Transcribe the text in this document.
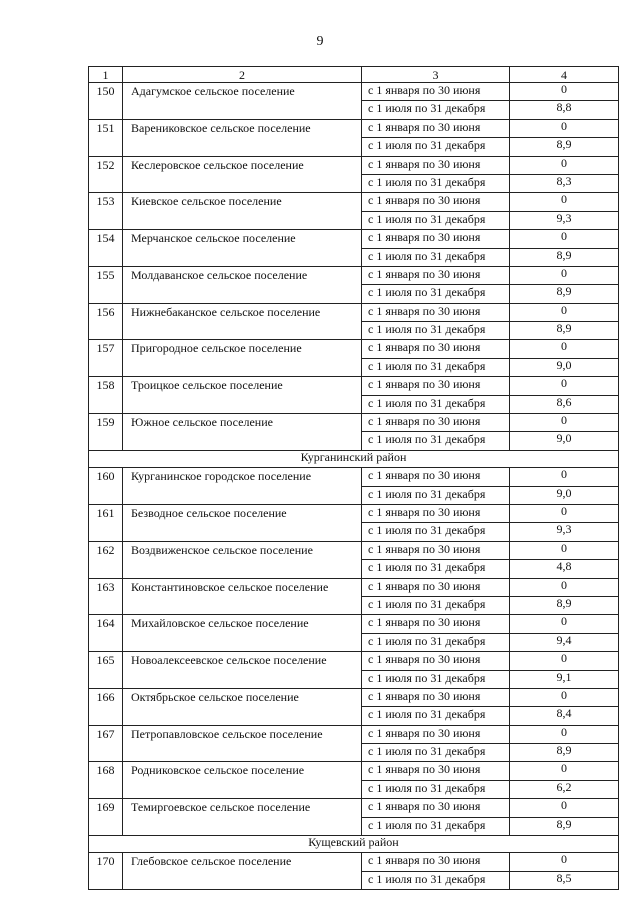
9
1	2	3	4
150	Адагумское сельское поселение	с 1 января по 30 июня	0
		с 1 июля по 31 декабря	8,8
151	Варениковское сельское поселение	с 1 января по 30 июня	0
		с 1 июля по 31 декабря	8,9
152	Кеслеровское сельское поселение	с 1 января по 30 июня	0
		с 1 июля по 31 декабря	8,3
153	Киевское сельское поселение	с 1 января по 30 июня	0
		с 1 июля по 31 декабря	9,3
154	Мерчанское сельское поселение	с 1 января по 30 июня	0
		с 1 июля по 31 декабря	8,9
155	Молдаванское сельское поселение	с 1 января по 30 июня	0
		с 1 июля по 31 декабря	8,9
156	Нижнебаканское сельское поселение	с 1 января по 30 июня	0
		с 1 июля по 31 декабря	8,9
157	Пригородное сельское поселение	с 1 января по 30 июня	0
		с 1 июля по 31 декабря	9,0
158	Троицкое сельское поселение	с 1 января по 30 июня	0
		с 1 июля по 31 декабря	8,6
159	Южное сельское поселение	с 1 января по 30 июня	0
		с 1 июля по 31 декабря	9,0
Курганинский район			
160	Курганинское городское поселение	с 1 января по 30 июня	0
		с 1 июля по 31 декабря	9,0
161	Безводное сельское поселение	с 1 января по 30 июня	0
		с 1 июля по 31 декабря	9,3
162	Воздвиженское сельское поселение	с 1 января по 30 июня	0
		с 1 июля по 31 декабря	4,8
163	Константиновское сельское поселение	с 1 января по 30 июня	0
		с 1 июля по 31 декабря	8,9
164	Михайловское сельское поселение	с 1 января по 30 июня	0
		с 1 июля по 31 декабря	9,4
165	Новоалексеевское сельское поселение	с 1 января по 30 июня	0
		с 1 июля по 31 декабря	9,1
166	Октябрьское сельское поселение	с 1 января по 30 июня	0
		с 1 июля по 31 декабря	8,4
167	Петропавловское сельское поселение	с 1 января по 30 июня	0
		с 1 июля по 31 декабря	8,9
168	Родниковское сельское поселение	с 1 января по 30 июня	0
		с 1 июля по 31 декабря	6,2
169	Темиргоевское сельское поселение	с 1 января по 30 июня	0
		с 1 июля по 31 декабря	8,9
Кущевский район			
170	Глебовское сельское поселение	с 1 января по 30 июня	0
		с 1 июля по 31 декабря	8,5
